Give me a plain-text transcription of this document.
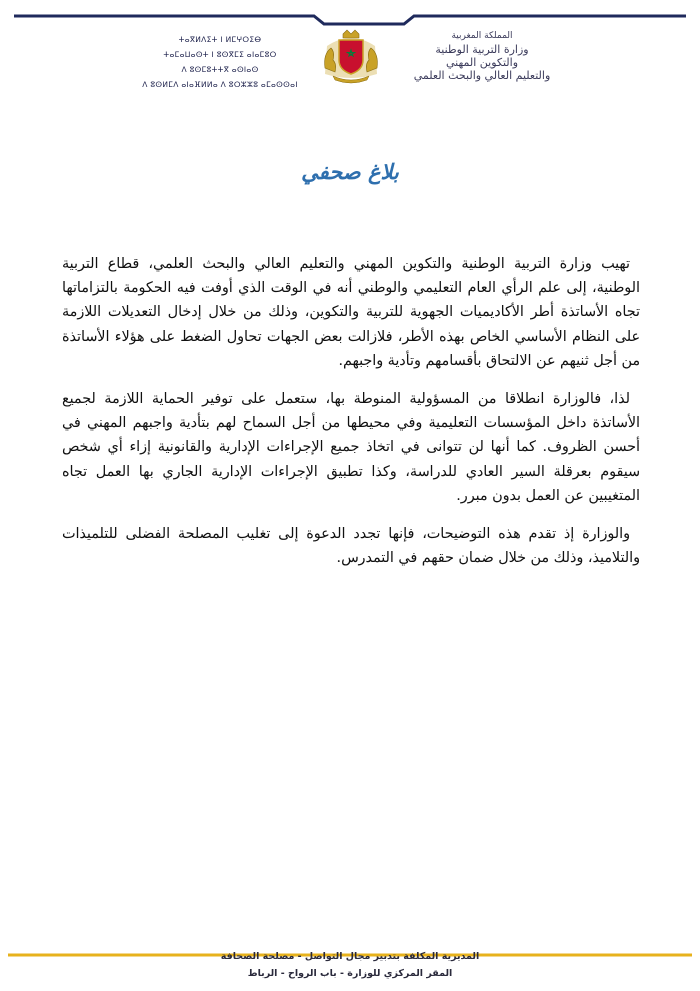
ⵜⴰⴳⵍⴷⵉⵜ ⵏ ⵍⵎⵖⵔⵉⴱ
ⵜⴰⵎⴰⵡⴰⵙⵜ ⵏ ⵓⵙⴳⵎⵉ ⴰⵏⴰⵎⵓⵔ
ⴷ ⵓⵙⵎⵓⵜⵜⴳ ⴰⵙⵏⴰⵙ
ⴷ ⵓⵙⵍⵎⴷ ⴰⵏⴰⴼⵍⵍⴰ ⴷ ⵓⵔⵣⵣⵓ ⴰⵎⴰⵙⵙⴰⵏ
المملكة المغربية
وزارة التربية الوطنية
والتكوين المهني
والتعليم العالي والبحث العلمي
بلاغ صحفي

تهيب وزارة التربية الوطنية والتكوين المهني والتعليم العالي والبحث العلمي، قطاع التربية الوطنية، إلى علم الرأي العام التعليمي والوطني أنه في الوقت الذي أوفت فيه الحكومة بالتزاماتها تجاه الأساتذة أطر الأكاديميات الجهوية للتربية والتكوين، وذلك من خلال إدخال التعديلات اللازمة على النظام الأساسي الخاص بهذه الأطر، فلازالت بعض الجهات تحاول الضغط على هؤلاء الأساتذة من أجل ثنيهم عن الالتحاق بأقسامهم وتأدية واجبهم.

لذا، فالوزارة انطلاقا من المسؤولية المنوطة بها، ستعمل على توفير الحماية اللازمة لجميع الأساتذة داخل المؤسسات التعليمية وفي محيطها من أجل السماح لهم بتأدية واجبهم المهني في أحسن الظروف. كما أنها لن تتوانى في اتخاذ جميع الإجراءات الإدارية والقانونية إزاء أي شخص سيقوم بعرقلة السير العادي للدراسة، وكذا تطبيق الإجراءات الإدارية الجاري بها العمل تجاه المتغيبين عن العمل بدون مبرر.

والوزارة إذ تقدم هذه التوضيحات، فإنها تجدد الدعوة إلى تغليب المصلحة الفضلى للتلميذات والتلاميذ، وذلك من خلال ضمان حقهم في التمدرس.

المديرية المكلفة بتدبير مجال التواصل - مصلحة الصحافة
المقر المركزي للوزارة - باب الرواح - الرباط
